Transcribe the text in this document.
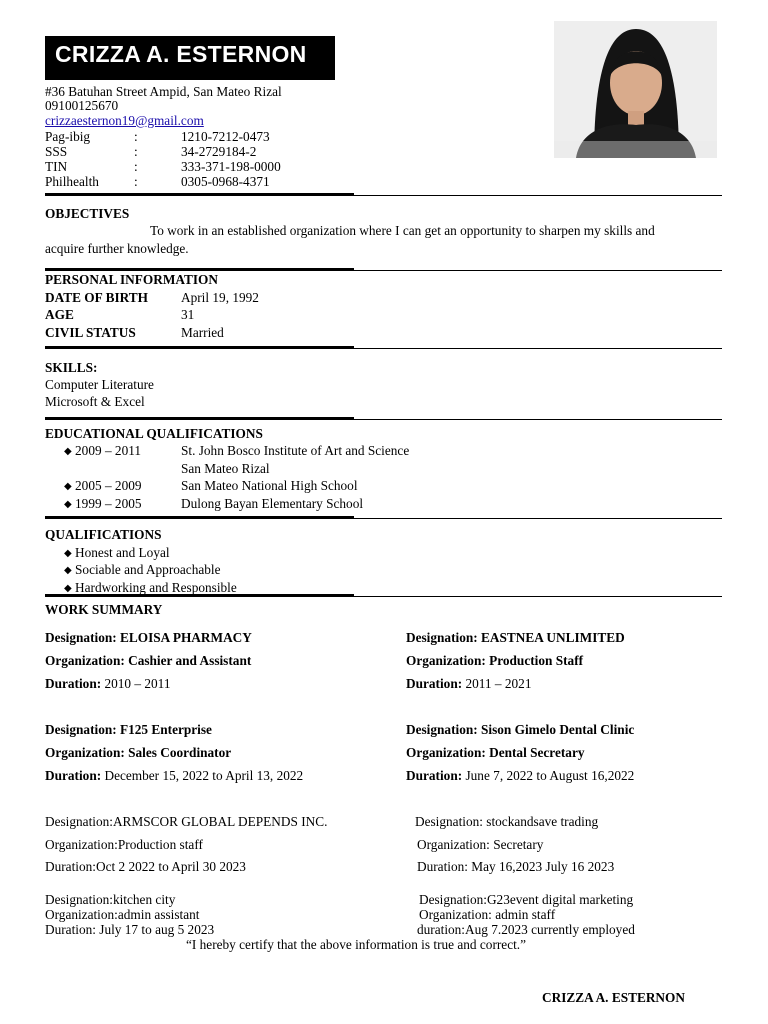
CRIZZA A. ESTERNON
#36 Batuhan Street Ampid, San Mateo Rizal
09100125670
crizzaesternon19@gmail.com
Pag-ibig	:	1210-7212-0473
SSS	:	34-2729184-2
TIN	:	333-371-198-0000
Philhealth	:	0305-0968-4371
OBJECTIVES
To work in an established organization where I can get an opportunity to sharpen my skills and
acquire further knowledge.
PERSONAL INFORMATION
DATE OF BIRTH April 19, 1992
AGE	31
CIVIL STATUS	Married
SKILLS:
Computer Literature
Microsoft & Excel
EDUCATIONAL QUALIFICATIONS
◆ 2009 – 2011	St. John Bosco Institute of Art and Science
San Mateo Rizal
◆ 2005 – 2009	San Mateo National High School
◆ 1999 – 2005	Dulong Bayan Elementary School
QUALIFICATIONS
◆ Honest and Loyal
◆ Sociable and Approachable
◆ Hardworking and Responsible
WORK SUMMARY
Designation: ELOISA PHARMACY
Organization: Cashier and Assistant
Duration: 2010 – 2011
Designation: EASTNEA UNLIMITED
Organization: Production Staff
Duration: 2011 – 2021
Designation: F125 Enterprise
Organization: Sales Coordinator
Duration: December 15, 2022 to April 13, 2022
Designation: Sison Gimelo Dental Clinic
Organization: Dental Secretary
Duration: June 7, 2022 to August 16,2022
Designation:ARMSCOR GLOBAL DEPENDS INC.
Organization:Production staff
Duration:Oct 2 2022 to April 30 2023
Designation: stockandsave trading
Organization: Secretary
Duration: May 16,2023 July 16 2023
Designation:kitchen city
Organization:admin assistant
Duration: July 17 to aug 5 2023
Designation:G23event digital marketing
Organization: admin staff
duration:Aug 7.2023 currently employed
“I hereby certify that the above information is true and correct.”
CRIZZA A. ESTERNON
